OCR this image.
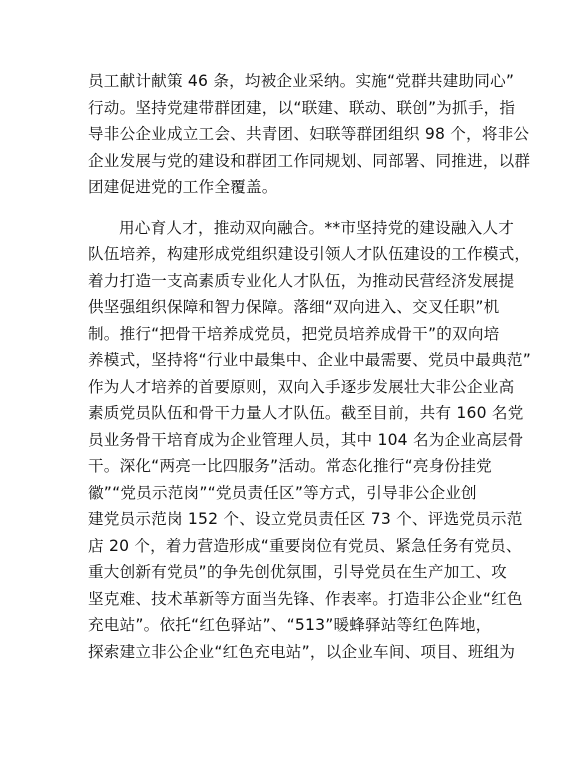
员工献计献策 46 条，均被企业采纳。实施“党群共建助同心”
行动。坚持党建带群团建，以“联建、联动、联创”为抓手，指
导非公企业成立工会、共青团、妇联等群团组织 98 个，将非公
企业发展与党的建设和群团工作同规划、同部署、同推进，以群
团建促进党的工作全覆盖。
用心育人才，推动双向融合。**市坚持党的建设融入人才
队伍培养，构建形成党组织建设引领人才队伍建设的工作模式，
着力打造一支高素质专业化人才队伍，为推动民营经济发展提
供坚强组织保障和智力保障。落细“双向进入、交叉任职”机
制。推行“把骨干培养成党员，把党员培养成骨干”的双向培
养模式，坚持将“行业中最集中、企业中最需要、党员中最典范”
作为人才培养的首要原则，双向入手逐步发展壮大非公企业高
素质党员队伍和骨干力量人才队伍。截至目前，共有 160 名党
员业务骨干培育成为企业管理人员，其中 104 名为企业高层骨
干。深化“两亮一比四服务”活动。常态化推行“亮身份挂党
徽”“党员示范岗”“党员责任区”等方式，引导非公企业创
建党员示范岗 152 个、设立党员责任区 73 个、评选党员示范
店 20 个，着力营造形成“重要岗位有党员、紧急任务有党员、
重大创新有党员”的争先创优氛围，引导党员在生产加工、攻
坚克难、技术革新等方面当先锋、作表率。打造非公企业“红色
充电站”。依托“红色驿站”、“513”暖蜂驿站等红色阵地，
探索建立非公企业“红色充电站”，以企业车间、项目、班组为
